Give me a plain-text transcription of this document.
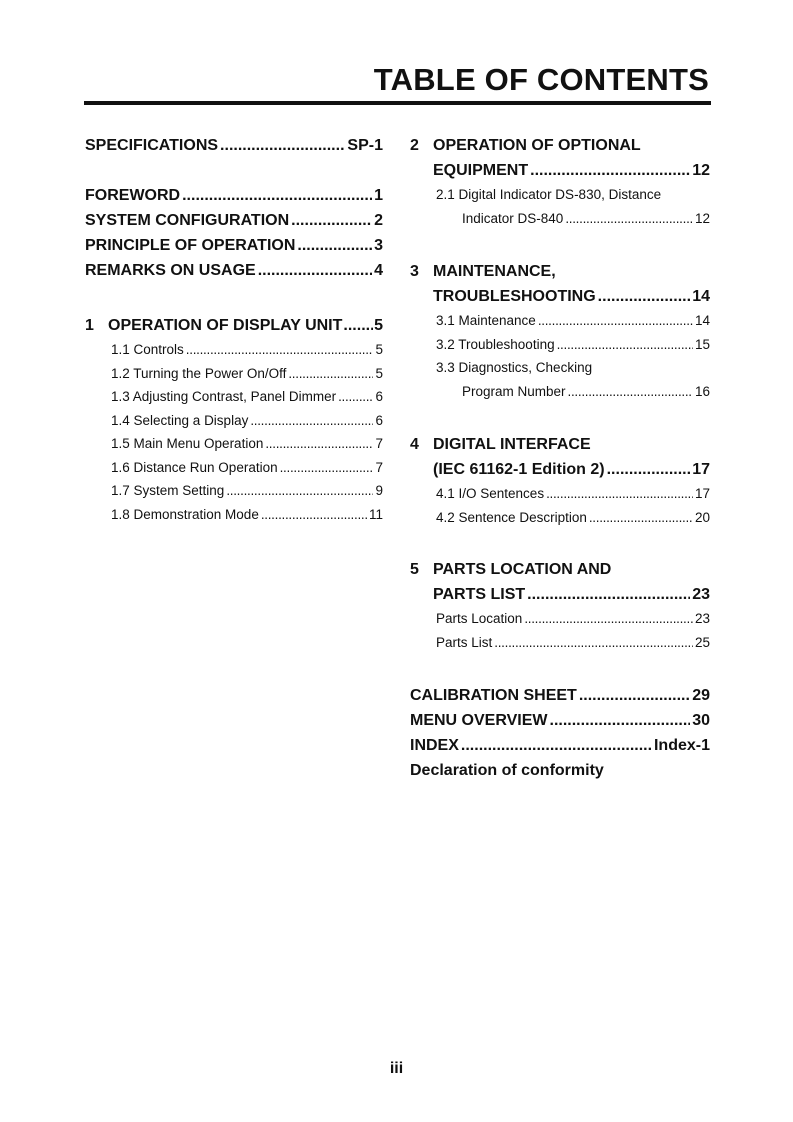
TABLE OF CONTENTS
SPECIFICATIONS .....	SP-1
FOREWORD .....	1
SYSTEM CONFIGURATION .....	2
PRINCIPLE OF OPERATION .....	3
REMARKS ON USAGE .....	4
1 OPERATION OF DISPLAY UNIT ..... 5
1.1 Controls .....	5
1.2 Turning the Power On/Off .....	5
1.3 Adjusting Contrast, Panel Dimmer .....	6
1.4 Selecting a Display .....	6
1.5 Main Menu Operation .....	7
1.6 Distance Run Operation .....	7
1.7 System Setting .....	9
1.8 Demonstration Mode .....	11
2 OPERATION OF OPTIONAL
EQUIPMENT .....	12
2.1 Digital Indicator DS-830, Distance
Indicator DS-840 .....	12
3 MAINTENANCE,
TROUBLESHOOTING .....	14
3.1 Maintenance .....	14
3.2 Troubleshooting .....	15
3.3 Diagnostics, Checking
Program Number .....	16
4 DIGITAL INTERFACE
(IEC 61162-1 Edition 2) .....	17
4.1 I/O Sentences .....	17
4.2 Sentence Description .....	20
5 PARTS LOCATION AND
PARTS LIST .....	23
Parts Location .....	23
Parts List .....	25
CALIBRATION SHEET .....	29
MENU OVERVIEW .....	30
INDEX .....	Index-1
Declaration of conformity
iii
